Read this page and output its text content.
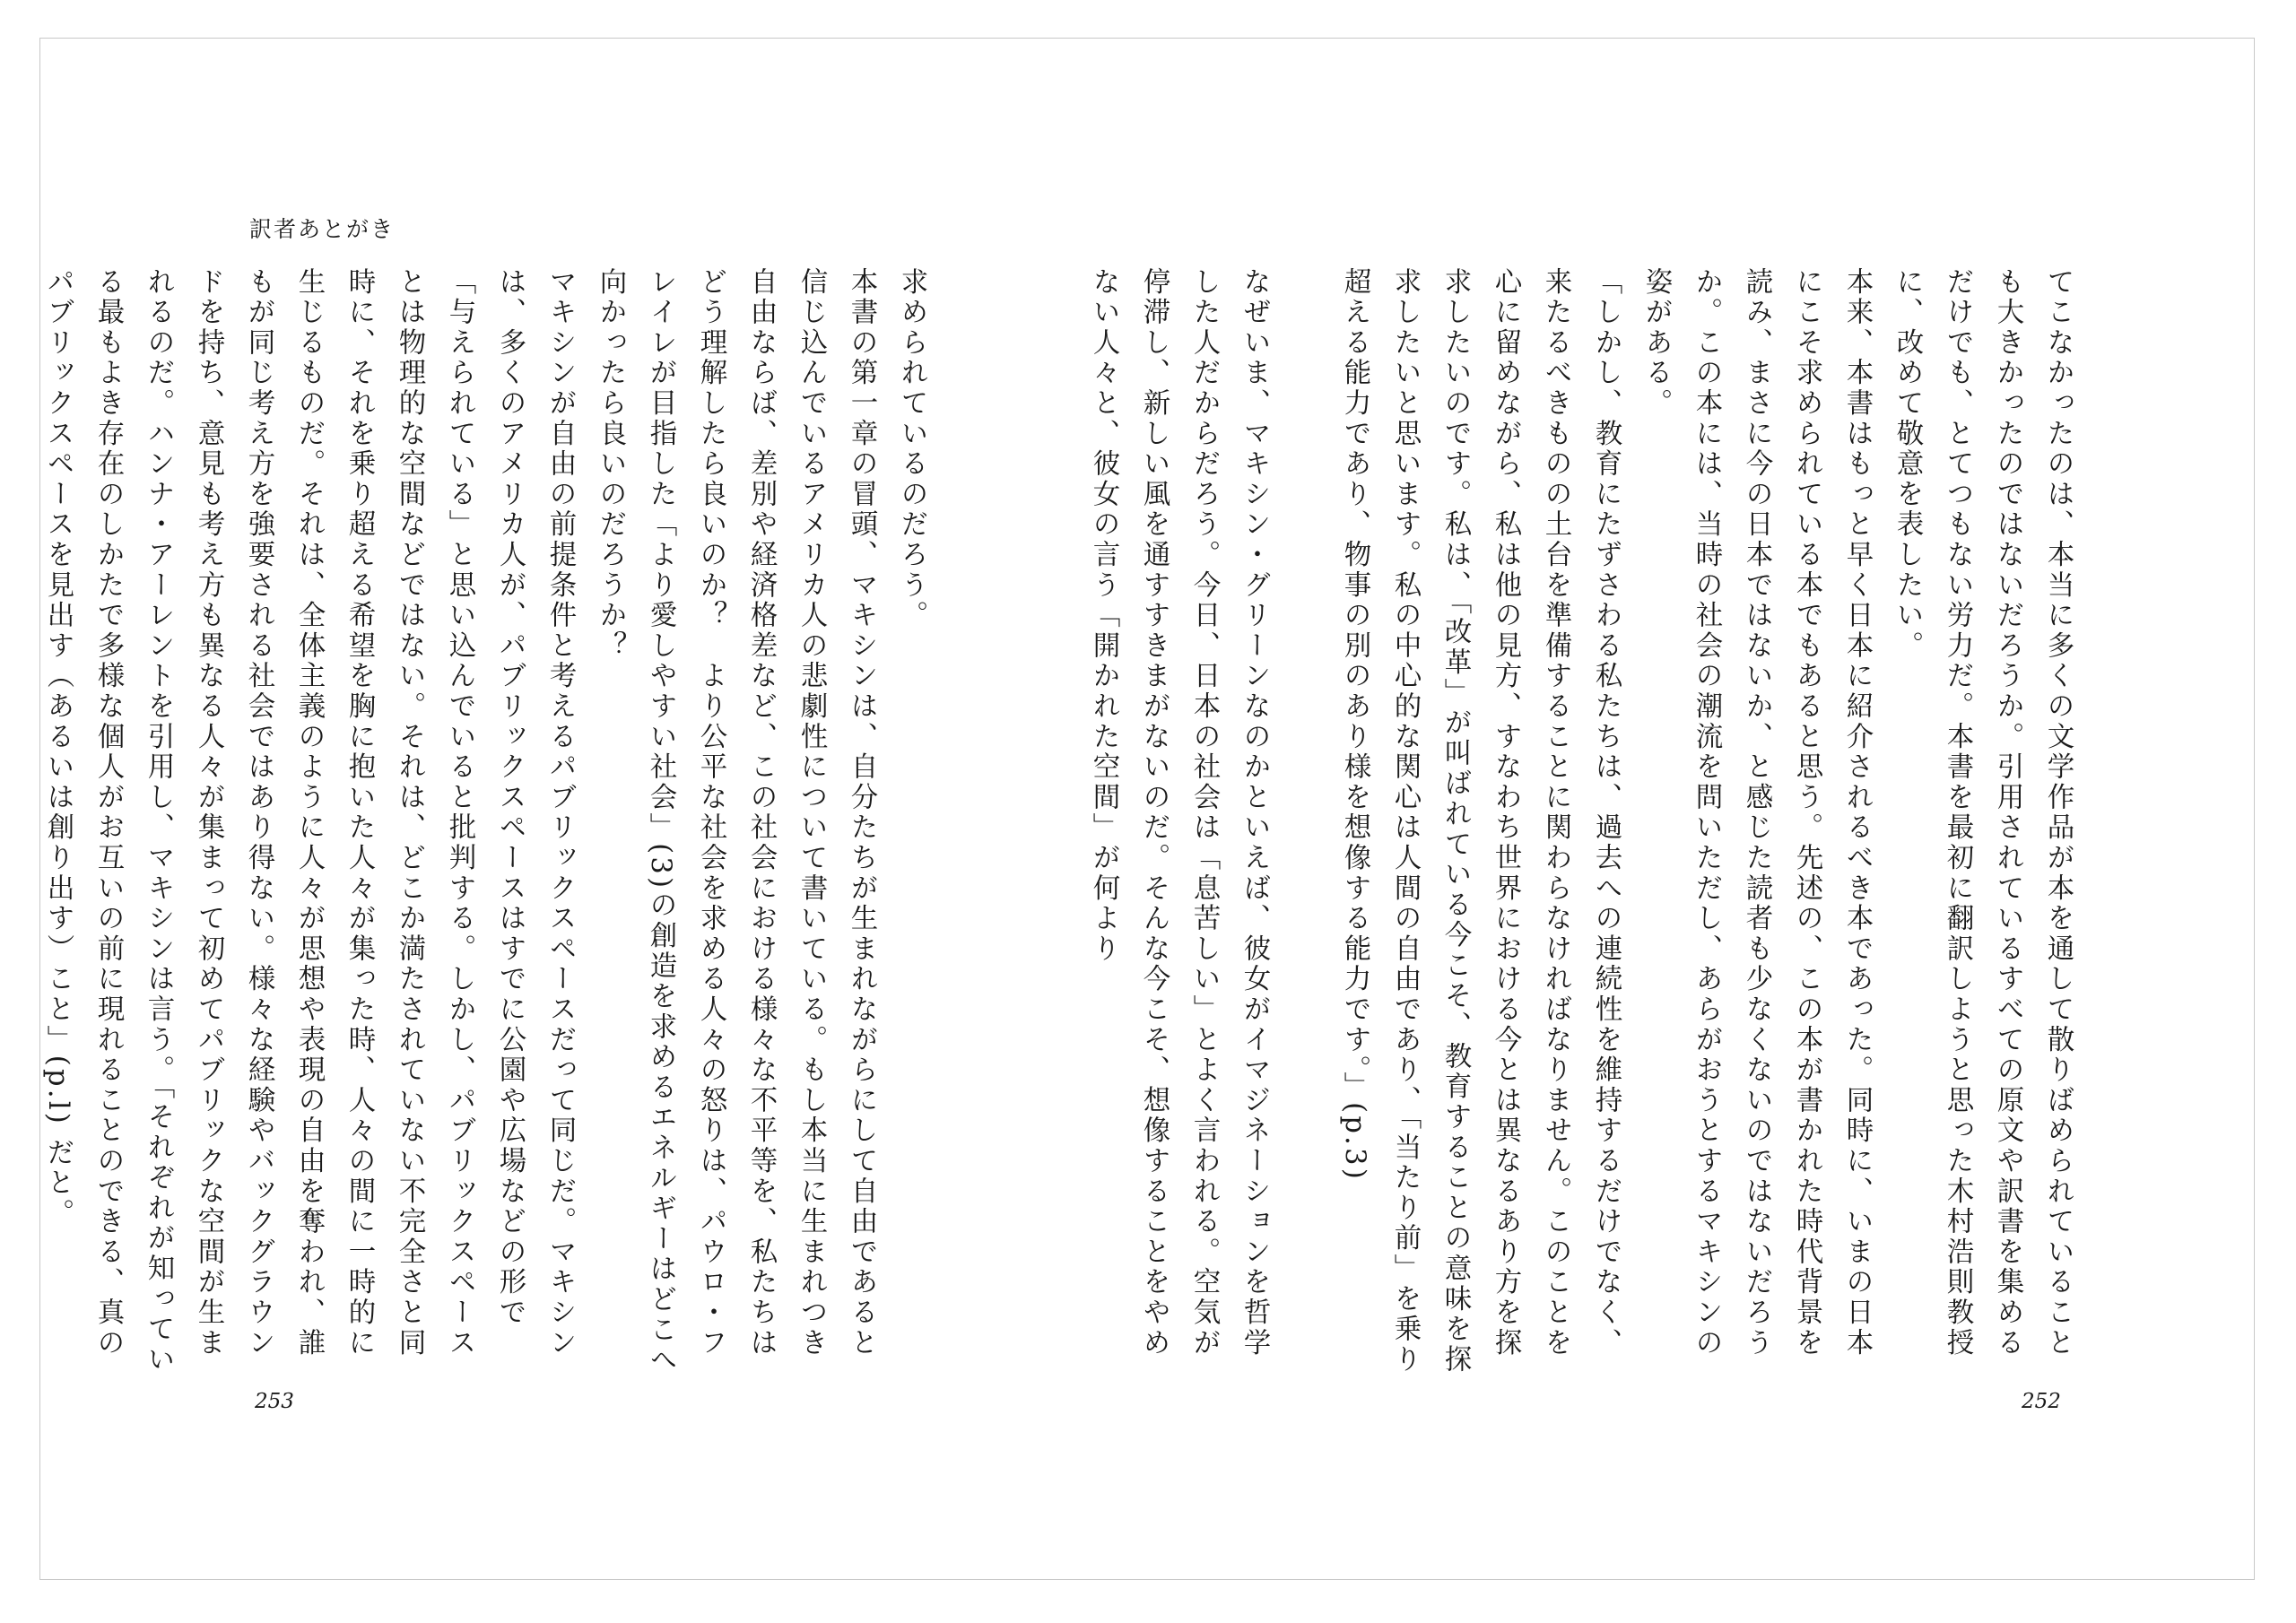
訳者あとがき

てこなかったのは、本当に多くの文学作品が本を通して散りばめられていることも大きかったのではないだろうか。引用されているすべての原文や訳書を集めるだけでも、とてつもない労力だ。本書を最初に翻訳しようと思った木村浩則教授に、改めて敬意を表したい。

本来、本書はもっと早く日本に紹介されるべき本であった。同時に、いまの日本にこそ求められている本でもあると思う。先述の、この本が書かれた時代背景を読み、まさに今の日本ではないか、と感じた読者も少なくないのではないだろうか。この本には、当時の社会の潮流を問いただし、あらがおうとするマキシンの姿がある。

「しかし、教育にたずさわる私たちは、過去への連続性を維持するだけでなく、来たるべきものの土台を準備することに関わらなければなりません。このことを心に留めながら、私は他の見方、すなわち世界における今とは異なるあり方を探求したいのです。私は、「改革」が叫ばれている今こそ、教育することの意味を探求したいと思います。私の中心的な関心は人間の自由であり、「当たり前」を乗り超える能力であり、物事の別のあり様を想像する能力です。」(p.3)

なぜいま、マキシン・グリーンなのかといえば、彼女がイマジネーションを哲学した人だからだろう。今日、日本の社会は「息苦しい」とよく言われる。空気が停滞し、新しい風を通すすきまがないのだ。そんな今こそ、想像することをやめない人々と、彼女の言う「開かれた空間」が何より

求められているのだろう。

本書の第一章の冒頭、マキシンは、自分たちが生まれながらにして自由であると信じ込んでいるアメリカ人の悲劇性について書いている。もし本当に生まれつき自由ならば、差別や経済格差など、この社会における様々な不平等を、私たちはどう理解したら良いのか？　より公平な社会を求める人々の怒りは、パウロ・フレイレが目指した「より愛しやすい社会」(3)の創造を求めるエネルギーはどこへ向かったら良いのだろうか？

マキシンが自由の前提条件と考えるパブリックスペースだって同じだ。マキシンは、多くのアメリカ人が、パブリックスペースはすでに公園や広場などの形で「与えられている」と思い込んでいると批判する。しかし、パブリックスペースとは物理的な空間などではない。それは、どこか満たされていない不完全さと同時に、それを乗り超える希望を胸に抱いた人々が集った時、人々の間に一時的に生じるものだ。それは、全体主義のように人々が思想や表現の自由を奪われ、誰もが同じ考え方を強要される社会ではあり得ない。様々な経験やバックグラウンドを持ち、意見も考え方も異なる人々が集まって初めてパブリックな空間が生まれるのだ。ハンナ・アーレントを引用し、マキシンは言う。「それぞれが知っている最もよき存在のしかたで多様な個人がお互いの前に現れることのできる、真のパブリックスペースを見出す（あるいは創り出す）こと」(p.l) だと。

253	252
